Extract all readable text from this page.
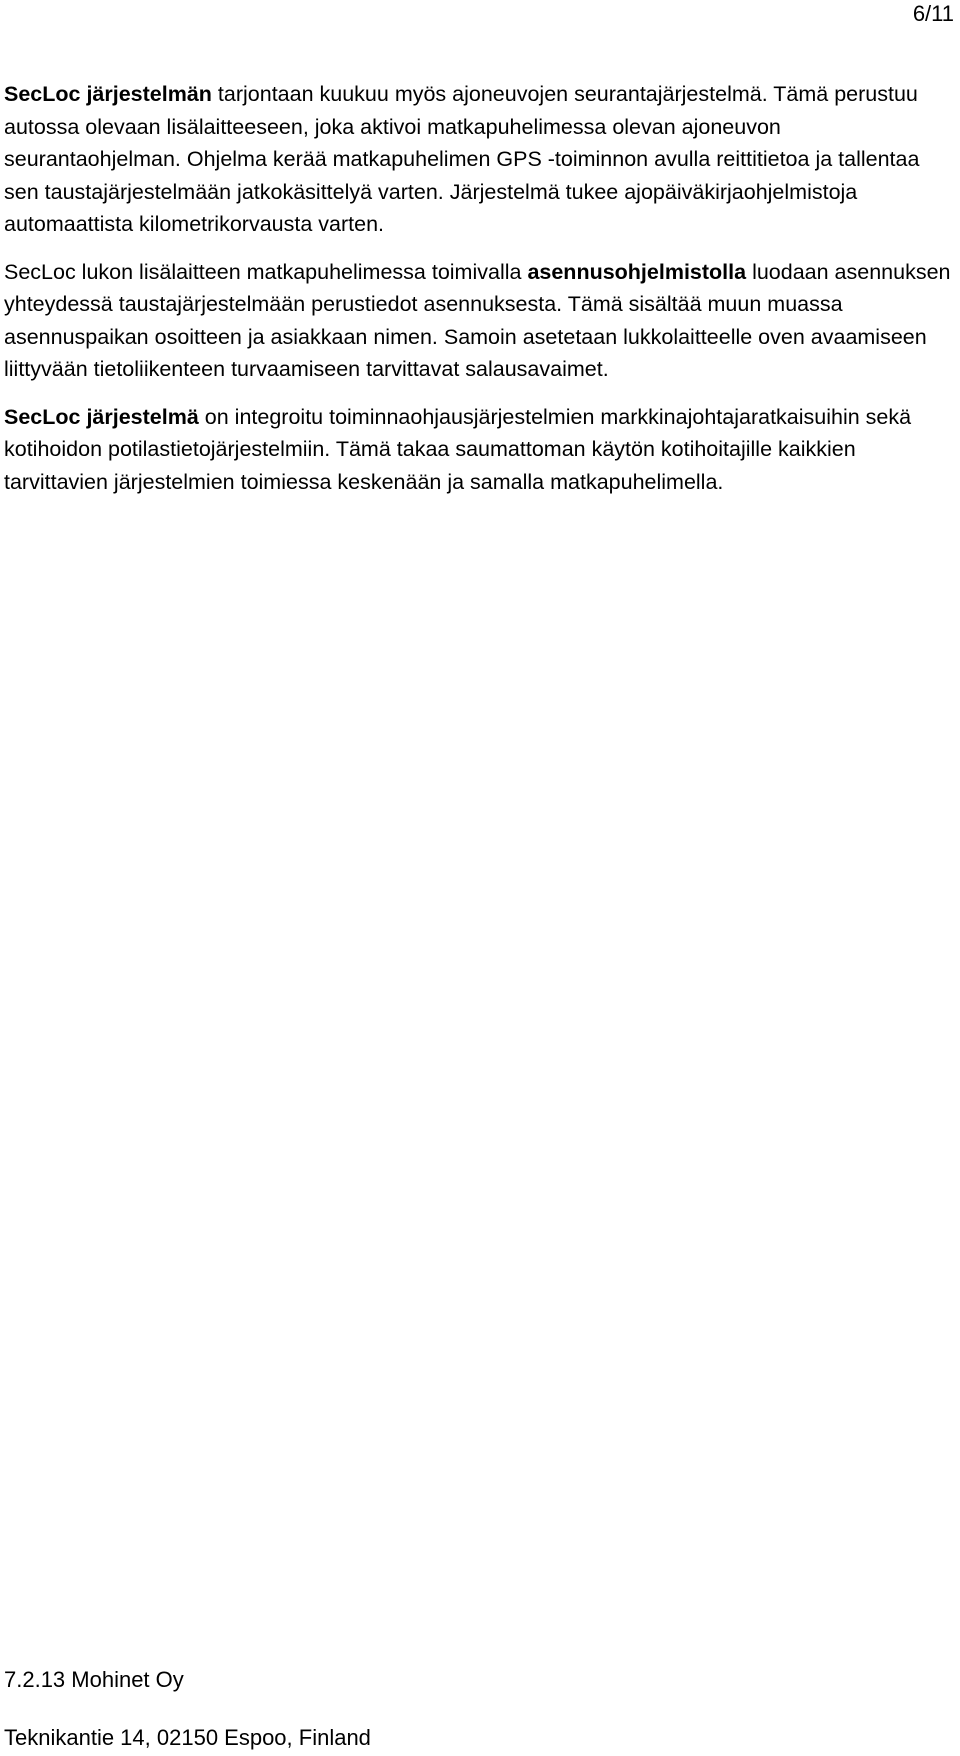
6/11

SecLoc järjestelmän tarjontaan kuukuu myös ajoneuvojen seurantajärjestelmä. Tämä perustuu autossa olevaan lisälaitteeseen, joka aktivoi matkapuhelimessa olevan ajoneuvon seurantaohjelman. Ohjelma kerää matkapuhelimen GPS -toiminnon avulla reittitietoa ja tallentaa sen taustajärjestelmään jatkokäsittelyä varten. Järjestelmä tukee ajopäiväkirjaohjelmistoja automaattista kilometrikorvausta varten.

SecLoc lukon lisälaitteen matkapuhelimessa toimivalla asennusohjelmistolla luodaan asennuksen yhteydessä taustajärjestelmään perustiedot asennuksesta. Tämä sisältää muun muassa asennuspaikan osoitteen ja asiakkaan nimen. Samoin asetetaan lukkolaitteelle oven avaamiseen liittyvään tietoliikenteen turvaamiseen tarvittavat salausavaimet.

SecLoc järjestelmä on integroitu toiminnaohjausjärjestelmien markkinajohtajaratkaisuihin sekä kotihoidon potilastietojärjestelmiin. Tämä takaa saumattoman käytön kotihoitajille kaikkien tarvittavien järjestelmien toimiessa keskenään ja samalla matkapuhelimella.

7.2.13 Mohinet Oy
Teknikantie 14, 02150 Espoo, Finland
